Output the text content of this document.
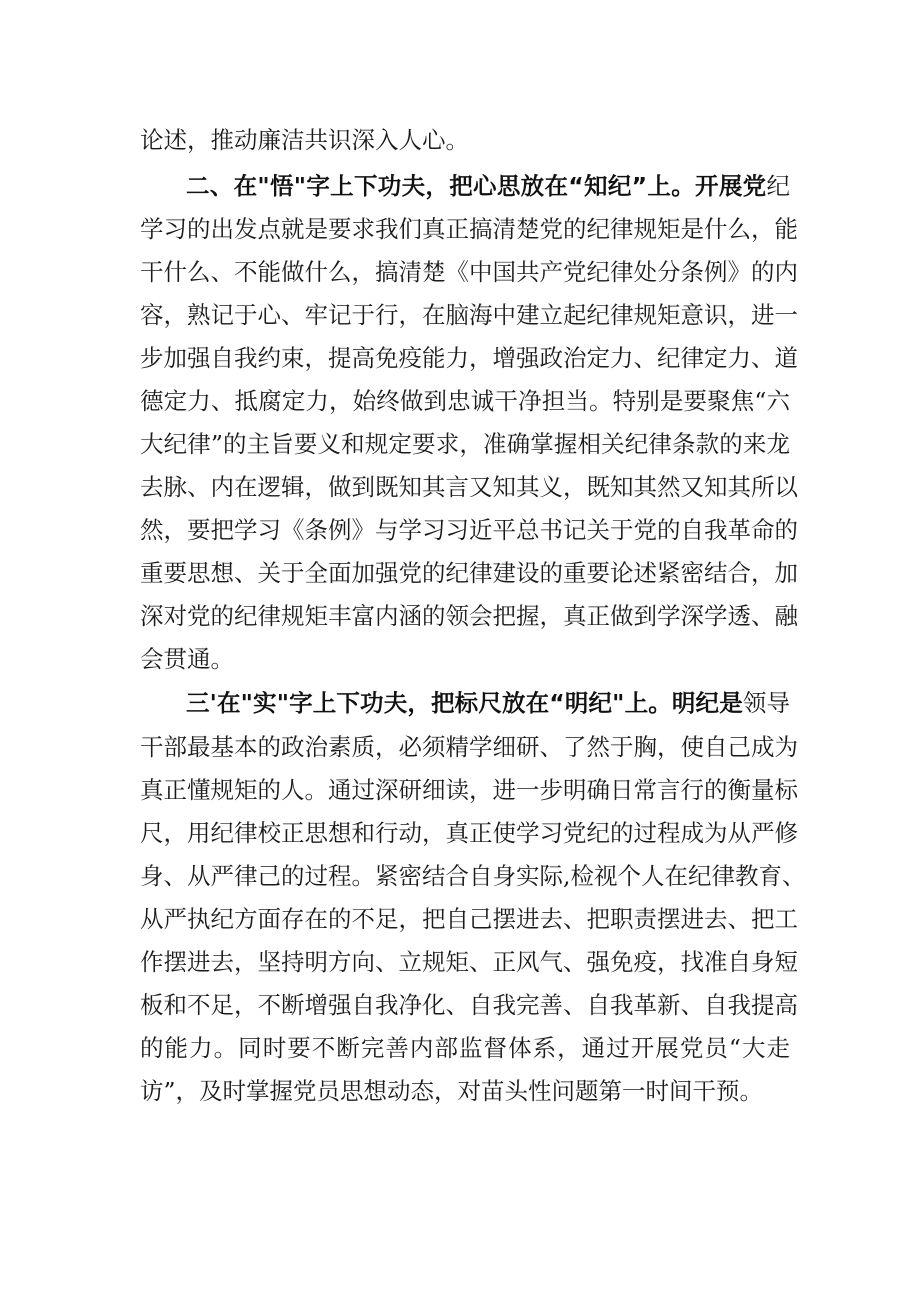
论述，推动廉洁共识深入人心。
二、在"悟"字上下功夫，把心思放在“知纪”上。开展党纪
学习的出发点就是要求我们真正搞清楚党的纪律规矩是什么，能
干什么、不能做什么，搞清楚《中国共产党纪律处分条例》的内
容，熟记于心、牢记于行，在脑海中建立起纪律规矩意识，进一
步加强自我约束，提高免疫能力，增强政治定力、纪律定力、道
德定力、抵腐定力，始终做到忠诚干净担当。特别是要聚焦“六
大纪律”的主旨要义和规定要求，准确掌握相关纪律条款的来龙
去脉、内在逻辑，做到既知其言又知其义，既知其然又知其所以
然，要把学习《条例》与学习习近平总书记关于党的自我革命的
重要思想、关于全面加强党的纪律建设的重要论述紧密结合，加
深对党的纪律规矩丰富内涵的领会把握，真正做到学深学透、融
会贯通。
三'在"实"字上下功夫，把标尺放在“明纪"上。明纪是领导
干部最基本的政治素质，必须精学细研、了然于胸，使自己成为
真正懂规矩的人。通过深研细读，进一步明确日常言行的衡量标
尺，用纪律校正思想和行动，真正使学习党纪的过程成为从严修
身、从严律己的过程。紧密结合自身实际,检视个人在纪律教育、
从严执纪方面存在的不足，把自己摆进去、把职责摆进去、把工
作摆进去，坚持明方向、立规矩、正风气、强免疫，找准自身短
板和不足，不断增强自我净化、自我完善、自我革新、自我提高
的能力。同时要不断完善内部监督体系，通过开展党员“大走
访”，及时掌握党员思想动态，对苗头性问题第一时间干预。
